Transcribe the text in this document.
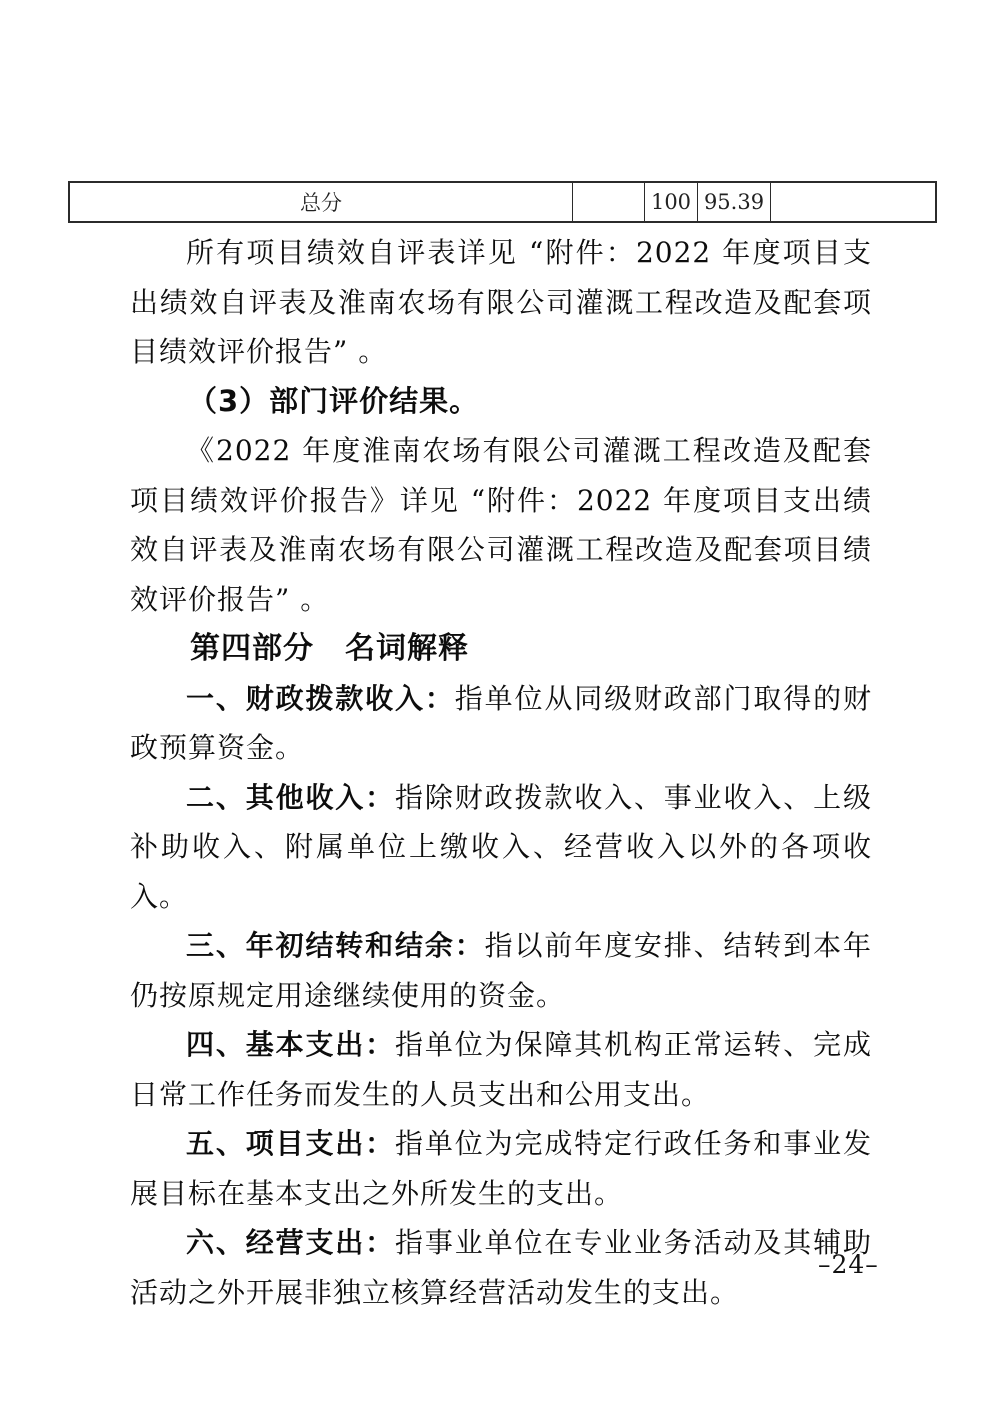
总分	100 95.39

所有项目绩效自评表详见 “附件：2022 年度项目支出绩效自评表及淮南农场有限公司灌溉工程改造及配套项目绩效评价报告” 。

（3）部门评价结果。

《2022 年度淮南农场有限公司灌溉工程改造及配套项目绩效评价报告》详见 “附件：2022 年度项目支出绩效自评表及淮南农场有限公司灌溉工程改造及配套项目绩效评价报告” 。

第四部分　名词解释

一、财政拨款收入：指单位从同级财政部门取得的财政预算资金。

二、其他收入：指除财政拨款收入、事业收入、上级补助收入、附属单位上缴收入、经营收入以外的各项收入。

三、年初结转和结余：指以前年度安排、结转到本年仍按原规定用途继续使用的资金。

四、基本支出：指单位为保障其机构正常运转、完成日常工作任务而发生的人员支出和公用支出。

五、项目支出：指单位为完成特定行政任务和事业发展目标在基本支出之外所发生的支出。

六、经营支出：指事业单位在专业业务活动及其辅助活动之外开展非独立核算经营活动发生的支出。

–24–
